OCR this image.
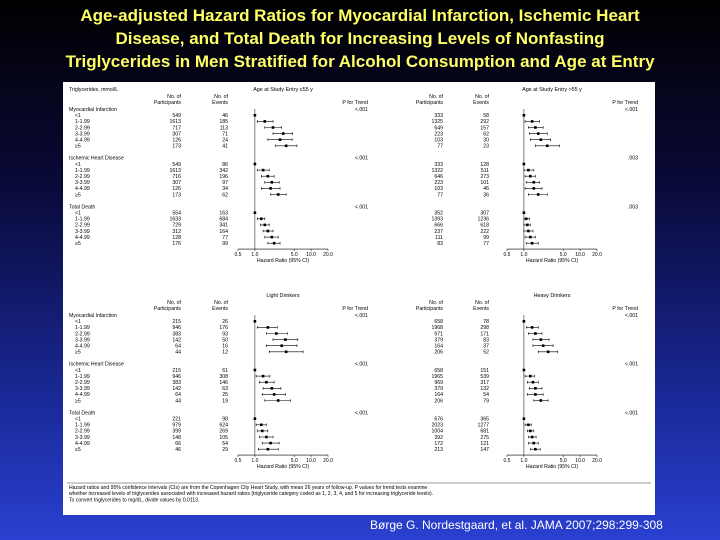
Age-adjusted Hazard Ratios for Myocardial Infarction, Ischemic Heart
Disease, and Total Death for Increasing Levels of Nonfasting
Triglycerides in Men Stratified for Alcohol Consumption and Age at Entry
Triglycerides, mmol/L	Age at Study Entry ≤55 y	Age at Study Entry >55 y
No. of
Participants
No. of
Events	P for Trend
No. of
Participants
No. of
Events	P for Trend
Myocardial Infarction	<.001	<.001
<1	549	46	333	58
1-1.99	1613	185	1325	292
2-2.99	717	113	649	157
3-3.99	307	71	223	62
4-4.99	126	24	103	30
≥5	173	41	77	23
Ischemic Heart Disease	<.001	.003
<1	549	86	333	128
1-1.99	1613	342	1322	511
2-2.99	716	196	646	273
3-3.99	307	97	223	101
4-4.99	126	34	103	46
≥5	173	62	77	36
Total Death	<.001	.003
<1	554	163	352	307
1-1.99	1633	684	1393	1236
2-2.99	729	341	666	618
3-3.99	312	164	237	222
4-4.99	128	77	111	99
≥5	176	99	83	77
0.5 1.0	5.0 10.0 20.0
Hazard Ratio (95% CI)
0.5 1.0	5.0 10.0 20.0
Hazard Ratio (95% CI)
Light Drinkers	Heavy Drinkers
No. of
Participants
No. of
Events	P for Trend
No. of
Participants
No. of
Events	P for Trend
Myocardial Infarction	<.001	<.001
<1	215	26	658	78
1-1.99	946	176	1968	298
2-2.99	383	93	971	171
3-3.99	142	50	379	83
4-4.99	64	16	164	37
≥5	44	12	206	52
Ischemic Heart Disease	<.001	<.001
<1	215	61	658	151
1-1.99	946	308	1965	539
2-2.99	383	146	969	317
3-3.99	142	63	379	132
4-4.99	64	25	164	54
≥5	44	19	206	79
Total Death	<.001	<.001
<1	221	98	676	365
1-1.99	979	624	2023	1277
2-2.99	399	269	1004	681
3-3.99	148	105	392	275
4-4.99	66	54	172	121
≥5	46	29	213	147
0.5 1.0	5.0 10.0 20.0
Hazard Ratio (95% CI)
0.5 1.0	5.0 10.0 20.0
Hazard Ratio (95% CI)
Hazard ratios and 95% confidence intervals (CIs) are from the Copenhagen City Heart Study, with mean 26 years of follow-up. P values for trend tests examine
whether increased levels of triglycerides associated with increased hazard ratios (triglyceride category coded as 1, 2, 3, 4, and 5 for increasing triglyceride levels).
To convert triglycerides to mg/dL, divide values by 0.0113.
Børge G. Nordestgaard, et al. JAMA 2007;298:299-308
